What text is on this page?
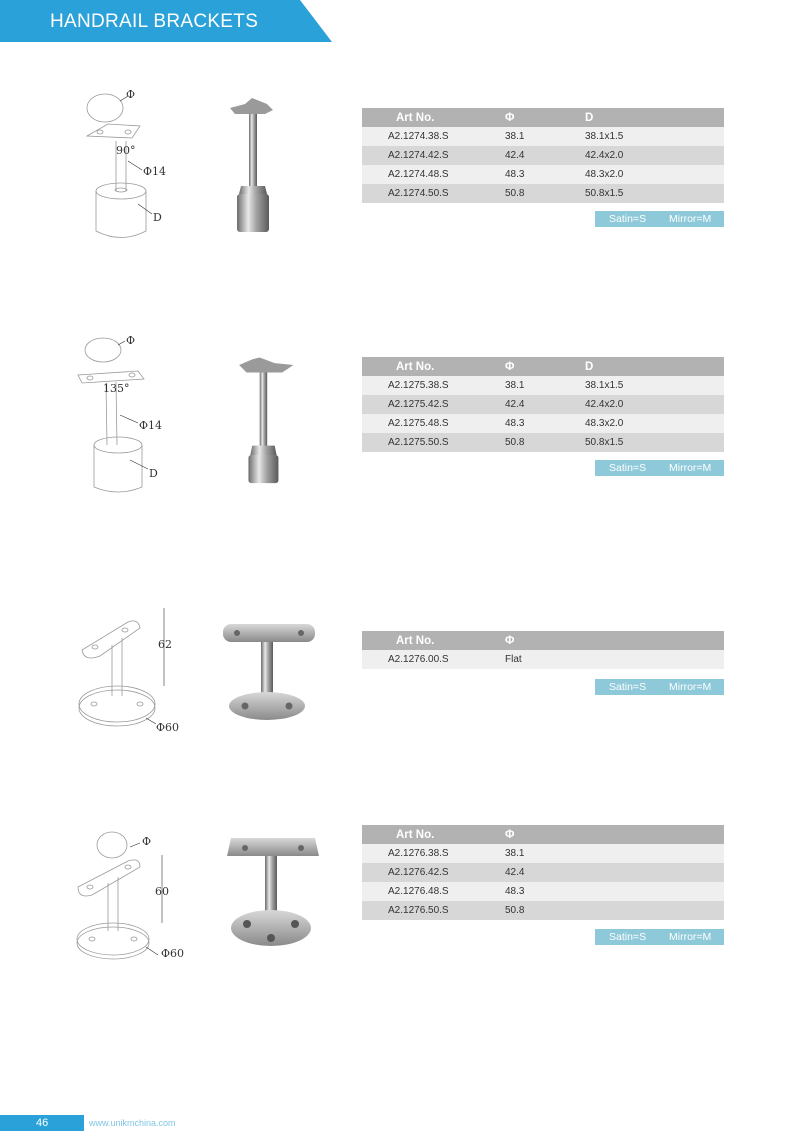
HANDRAIL BRACKETS
Φ
90°
Φ14
D
Art No.	Φ	D
A2.1274.38.S	38.1	38.1x1.5
A2.1274.42.S	42.4	42.4x2.0
A2.1274.48.S	48.3	48.3x2.0
A2.1274.50.S	50.8	50.8x1.5
Satin=S Mirror=M
Φ
135°
Φ14
D
Art No.	Φ	D
A2.1275.38.S	38.1	38.1x1.5
A2.1275.42.S	42.4	42.4x2.0
A2.1275.48.S	48.3	48.3x2.0
A2.1275.50.S	50.8	50.8x1.5
Satin=S Mirror=M
62
Φ60
Art No.	Φ	
A2.1276.00.S	Flat	
Satin=S Mirror=M
Φ
60
Φ60
Art No.	Φ	
A2.1276.38.S	38.1	
A2.1276.42.S	42.4	
A2.1276.48.S	48.3	
A2.1276.50.S	50.8	
Satin=S Mirror=M
46	www.unikmchina.com
